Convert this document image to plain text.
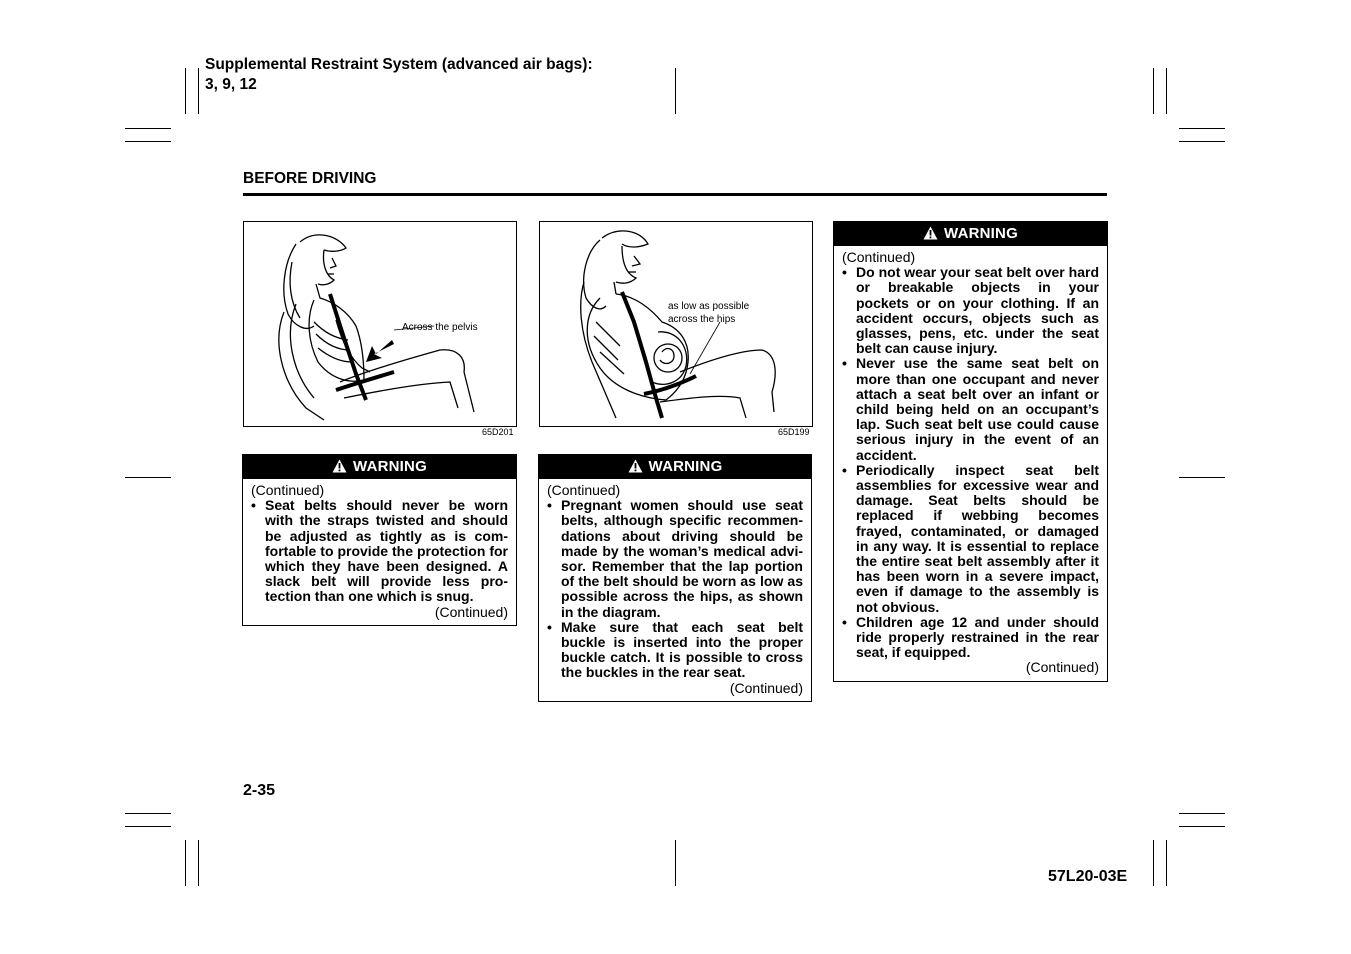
Supplemental Restraint System (advanced air bags):
3, 9, 12
BEFORE DRIVING
Across the pelvis
65D201
as low as possible
across the hips
65D199
WARNING
(Continued)
• Seat belts should never be worn with the straps twisted and should be adjusted as tightly as is com-fortable to provide the protection for which they have been designed. A slack belt will provide less pro-tection than one which is snug.
(Continued)
WARNING
(Continued)
• Pregnant women should use seat belts, although specific recommen-dations about driving should be made by the woman’s medical advi-sor. Remember that the lap portion of the belt should be worn as low as possible across the hips, as shown in the diagram.
• Make sure that each seat belt buckle is inserted into the proper buckle catch. It is possible to cross the buckles in the rear seat.
(Continued)
WARNING
(Continued)
• Do not wear your seat belt over hard or breakable objects in your pockets or on your clothing. If an accident occurs, objects such as glasses, pens, etc. under the seat belt can cause injury.
• Never use the same seat belt on more than one occupant and never attach a seat belt over an infant or child being held on an occupant’s lap. Such seat belt use could cause serious injury in the event of an accident.
• Periodically inspect seat belt assemblies for excessive wear and damage. Seat belts should be replaced if webbing becomes frayed, contaminated, or damaged in any way. It is essential to replace the entire seat belt assembly after it has been worn in a severe impact, even if damage to the assembly is not obvious.
• Children age 12 and under should ride properly restrained in the rear seat, if equipped.
(Continued)
2-35
57L20-03E
